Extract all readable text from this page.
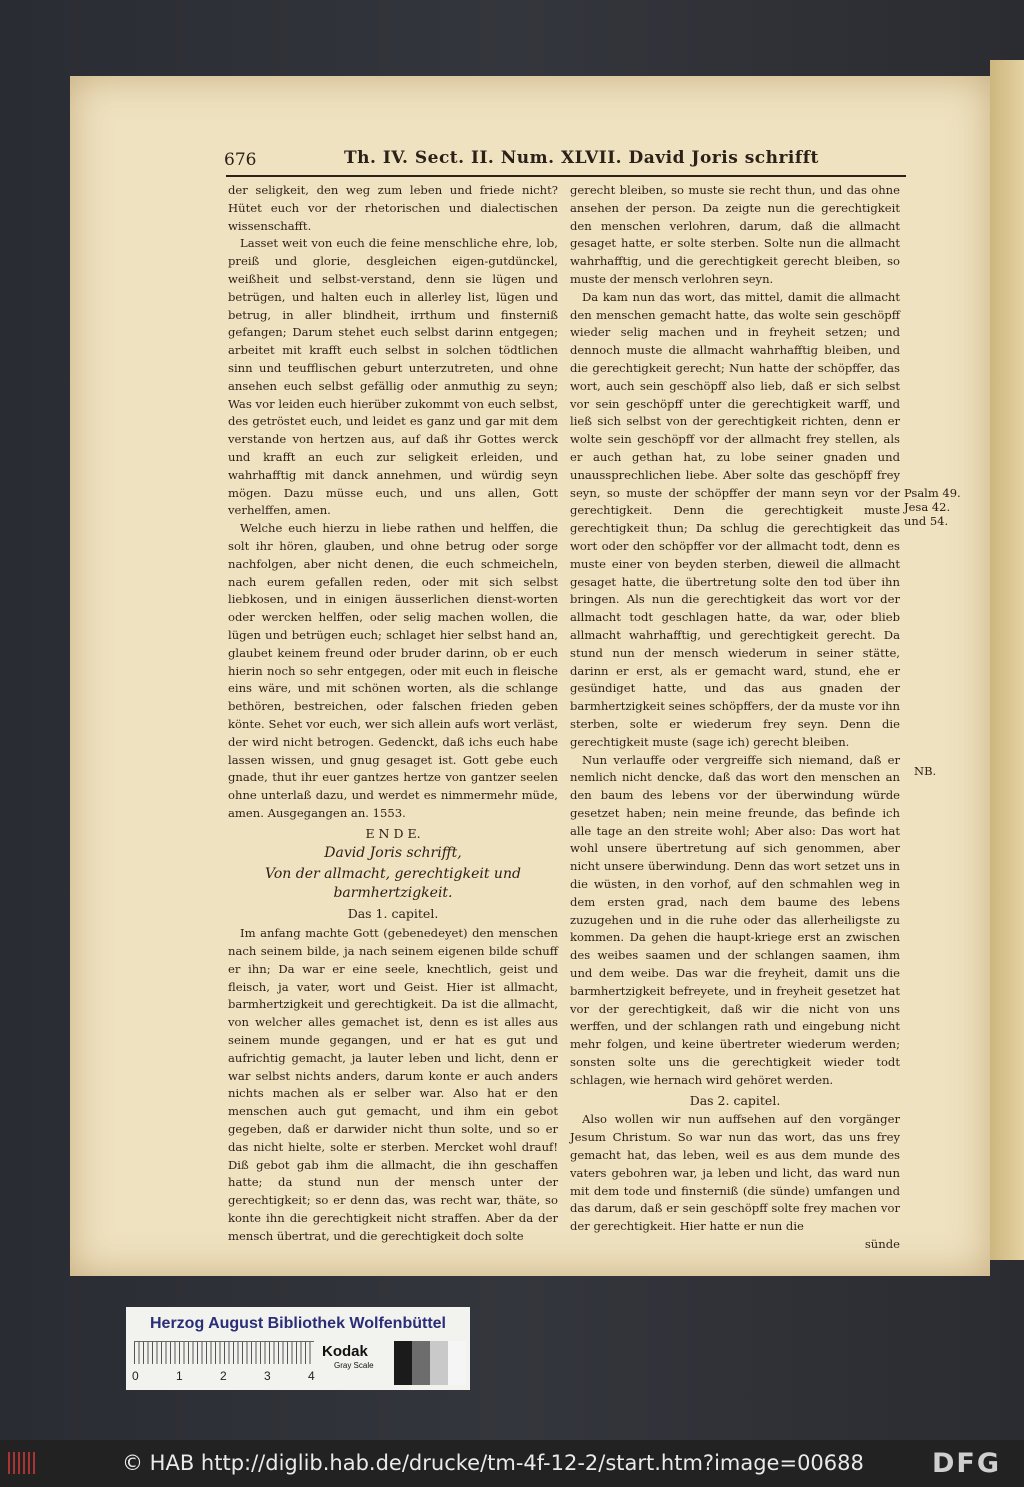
676	Th. IV. Sect. II. Num. XLVII. David Joris schrifft

der seligkeit, den weg zum leben und friede nicht? Hütet euch vor der rhetorischen und dialectischen wissenschafft.

Lasset weit von euch die feine menschliche ehre, lob, preiß und glorie, desgleichen eigen-gutdünckel, weißheit und selbst-verstand, denn sie lügen und betrügen, und halten euch in allerley list, lügen und betrug, in aller blindheit, irrthum und finsterniß gefangen; Darum stehet euch selbst darinn entgegen; arbeitet mit krafft euch selbst in solchen tödtlichen sinn und teufflischen geburt unterzutreten, und ohne ansehen euch selbst gefällig oder anmuthig zu seyn; Was vor leiden euch hierüber zukommt von euch selbst, des getröstet euch, und leidet es ganz und gar mit dem verstande von hertzen aus, auf daß ihr Gottes werck und krafft an euch zur seligkeit erleiden, und wahrhafftig mit danck annehmen, und würdig seyn mögen. Dazu müsse euch, und uns allen, Gott verhelffen, amen.

Welche euch hierzu in liebe rathen und helffen, die solt ihr hören, glauben, und ohne betrug oder sorge nachfolgen, aber nicht denen, die euch schmeicheln, nach eurem gefallen reden, oder mit sich selbst liebkosen, und in einigen äusserlichen dienst-worten oder wercken helffen, oder selig machen wollen, die lügen und betrügen euch; schlaget hier selbst hand an, glaubet keinem freund oder bruder darinn, ob er euch hierin noch so sehr entgegen, oder mit euch in fleische eins wäre, und mit schönen worten, als die schlange bethören, bestreichen, oder falschen frieden geben könte. Sehet vor euch, wer sich allein aufs wort verläst, der wird nicht betrogen. Gedenckt, daß ichs euch habe lassen wissen, und gnug gesaget ist. Gott gebe euch gnade, thut ihr euer gantzes hertze von gantzer seelen ohne unterlaß dazu, und werdet es nimmermehr müde, amen. Ausgegangen an. 1553.

E N D E.
David Joris schrifft,
Von der allmacht, gerechtigkeit und barmhertzigkeit.
Das 1. capitel.

Im anfang machte Gott (gebenedeyet) den menschen nach seinem bilde, ja nach seinem eigenen bilde schuff er ihn; Da war er eine seele, knechtlich, geist und fleisch, ja vater, wort und Geist. Hier ist allmacht, barmhertzigkeit und gerechtigkeit. Da ist die allmacht, von welcher alles gemachet ist, denn es ist alles aus seinem munde gegangen, und er hat es gut und aufrichtig gemacht, ja lauter leben und licht, denn er war selbst nichts anders, darum konte er auch anders nichts machen als er selber war. Also hat er den menschen auch gut gemacht, und ihm ein gebot gegeben, daß er darwider nicht thun solte, und so er das nicht hielte, solte er sterben. Mercket wohl drauf! Diß gebot gab ihm die allmacht, die ihn geschaffen hatte; da stund nun der mensch unter der gerechtigkeit; so er denn das, was recht war, thäte, so konte ihn die gerechtigkeit nicht straffen. Aber da der mensch übertrat, und die gerechtigkeit doch solte

gerecht bleiben, so muste sie recht thun, und das ohne ansehen der person. Da zeigte nun die gerechtigkeit den menschen verlohren, darum, daß die allmacht gesaget hatte, er solte sterben. Solte nun die allmacht wahrhafftig, und die gerechtigkeit gerecht bleiben, so muste der mensch verlohren seyn.

Da kam nun das wort, das mittel, damit die allmacht den menschen gemacht hatte, das wolte sein geschöpff wieder selig machen und in freyheit setzen; und dennoch muste die allmacht wahrhafftig bleiben, und die gerechtigkeit gerecht; Nun hatte der schöpffer, das wort, auch sein geschöpff also lieb, daß er sich selbst vor sein geschöpff unter die gerechtigkeit warff, und ließ sich selbst von der gerechtigkeit richten, denn er wolte sein geschöpff vor der allmacht frey stellen, als er auch gethan hat, zu lobe seiner gnaden und unaussprechlichen liebe. Aber solte das geschöpff frey seyn, so muste der schöpffer der mann seyn vor der gerechtigkeit. Denn die gerechtigkeit muste gerechtigkeit thun; Da schlug die gerechtigkeit das wort oder den schöpffer vor der allmacht todt, denn es muste einer von beyden sterben, dieweil die allmacht gesaget hatte, die übertretung solte den tod über ihn bringen. Als nun die gerechtigkeit das wort vor der allmacht todt geschlagen hatte, da war, oder blieb allmacht wahrhafftig, und gerechtigkeit gerecht. Da stund nun der mensch wiederum in seiner stätte, darinn er erst, als er gemacht ward, stund, ehe er gesündiget hatte, und das aus gnaden der barmhertzigkeit seines schöpffers, der da muste vor ihn sterben, solte er wiederum frey seyn. Denn die gerechtigkeit muste (sage ich) gerecht bleiben.

Nun verlauffe oder vergreiffe sich niemand, daß er nemlich nicht dencke, daß das wort den menschen an den baum des lebens vor der überwindung würde gesetzet haben; nein meine freunde, das befinde ich alle tage an den streite wohl; Aber also: Das wort hat wohl unsere übertretung auf sich genommen, aber nicht unsere überwindung. Denn das wort setzet uns in die wüsten, in den vorhof, auf den schmahlen weg in dem ersten grad, nach dem baume des lebens zuzugehen und in die ruhe oder das allerheiligste zu kommen. Da gehen die haupt-kriege erst an zwischen des weibes saamen und der schlangen saamen, ihm und dem weibe. Das war die freyheit, damit uns die barmhertzigkeit befreyete, und in freyheit gesetzet hat vor der gerechtigkeit, daß wir die nicht von uns werffen, und der schlangen rath und eingebung nicht mehr folgen, und keine übertreter wiederum werden; sonsten solte uns die gerechtigkeit wieder todt schlagen, wie hernach wird gehöret werden.

Das 2. capitel.

Also wollen wir nun auffsehen auf den vorgänger Jesum Christum. So war nun das wort, das uns frey gemacht hat, das leben, weil es aus dem munde des vaters gebohren war, ja leben und licht, das ward nun mit dem tode und finsterniß (die sünde) umfangen und das darum, daß er sein geschöpff solte frey machen vor der gerechtigkeit. Hier hatte er nun die

sünde
Psalm 49.
Jesa 42.
und 54.
NB.
Herzog August Bibliothek Wolfenbüttel
0	1	2	3	4
Kodak
Gray Scale
© HAB http://diglib.hab.de/drucke/tm-4f-12-2/start.htm?image=00688	DFG
